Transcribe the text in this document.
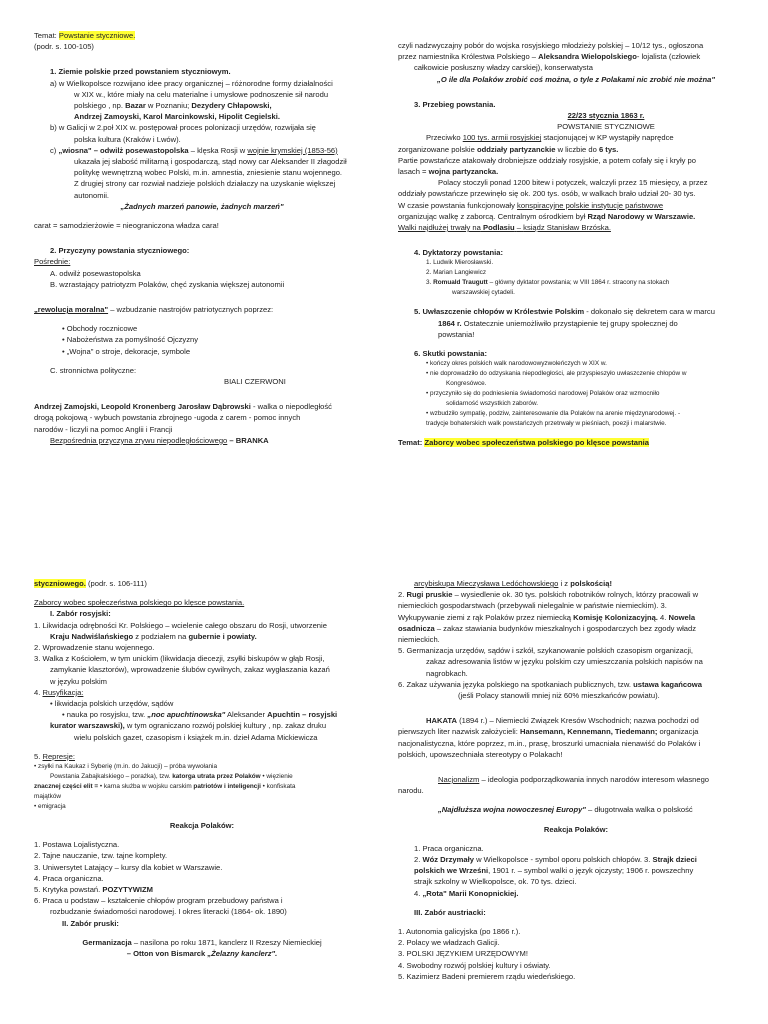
Temat: Powstanie styczniowe.

(podr. s. 100-105)

1. Ziemie polskie przed powstaniem styczniowym.

a) w Wielkopolsce rozwijano idee pracy organicznej – różnorodne formy działalności

w XIX w., które miały na celu materialne i umysłowe podnoszenie sił narodu

polskiego , np. Bazar w Poznaniu; Dezydery Chłapowski,

Andrzej Zamoyski, Karol Marcinkowski, Hipolit Cegielski.

b) w Galicji w 2.poł XIX w. postępował proces polonizacji urzędów, rozwijała się

polska kultura (Kraków i Lwów).

c) „wiosna" – odwilż posewastopolska – klęska Rosji w wojnie krymskiej (1853-56)

ukazała jej słabość militarną i gospodarczą, stąd nowy car Aleksander II złagodził

politykę wewnętrzną wobec Polski, m.in. amnestia, zniesienie stanu wojennego.

Z drugiej strony car rozwiał nadzieje polskich działaczy na uzyskanie większej

autonomii.

„Żadnych marzeń panowie, żadnych marzeń"

carat = samodzierżowie = nieograniczona władza cara!

2. Przyczyny powstania styczniowego:

Pośrednie:

A. odwilż posewastopolska

B. wzrastający patriotyzm Polaków, chęć zyskania większej autonomii

„rewolucja moralna" – wzbudzanie nastrojów patriotycznych poprzez:

• Obchody rocznicowe

• Nabożeństwa za pomyślność Ojczyzny

• „Wojna" o stroje, dekoracje, symbole

C. stronnictwa polityczne:

BIALI CZERWONI

Andrzej Zamojski, Leopold Kronenberg Jarosław Dąbrowski - walka o niepodległość

drogą pokojową - wybuch powstania zbrojnego -ugoda z carem - pomoc innych

narodów - liczyli na pomoc Anglii i Francji

Bezpośrednia przyczyna zrywu niepodległościowego – BRANKA

czyli nadzwyczajny pobór do wojska rosyjskiego młodzieży polskiej – 10/12 tys., ogłoszona

przez namiestnika Królestwa Polskiego – Aleksandra Wielopolskiego- lojalista (człowiek

całkowicie posłuszny władzy carskiej), konserwatysta

„O ile dla Polaków zrobić coś można, o tyle z Polakami nic zrobić nie można"

3. Przebieg powstania.

22/23 stycznia 1863 r.

POWSTANIE STYCZNIOWE

Przeciwko 100 tys. armii rosyjskiej stacjonującej w KP wystąpiły naprędce

zorganizowane polskie oddziały partyzanckie w liczbie do 6 tys.

Partie powstańcze atakowały drobniejsze oddziały rosyjskie, a potem cofały się i kryły po

lasach = wojna partyzancka.

Polacy stoczyli ponad 1200 bitew i potyczek, walczyli przez 15 miesięcy, a przez

oddziały powstańcze przewinęło się ok. 200 tys. osób, w walkach brało udział 20- 30 tys.

W czasie powstania funkcjonowały konspiracyjne polskie instytucje państwowe

organizując walkę z zaborcą. Centralnym ośrodkiem był Rząd Narodowy w Warszawie.

Walki najdłużej trwały na Podlasiu – ksiądz Stanisław Brzóska.

4. Dyktatorzy powstania:

1. Ludwik Mierosławski.

2. Marian Langiewicz

3. Romuald Traugutt – główny dyktator powstania; w VIII 1864 r. stracony na stokach

warszawskiej cytadeli.

5. Uwłaszczenie chłopów w Królestwie Polskim - dokonało się dekretem cara w marcu

1864 r. Ostatecznie uniemożliwiło przystąpienie tej grupy społecznej do

powstania!

6. Skutki powstania:

• kończy okres polskich walk narodowowyzwoleńczych w XIX w.

• nie doprowadziło do odzyskania niepodległości, ale przyspieszyło uwłaszczenie chłopów w

Kongresówce.

• przyczyniło się do podniesienia świadomości narodowej Polaków oraz wzmocniło

solidarność wszystkich zaborów.

• wzbudziło sympatię, podziw, zainteresowanie dla Polaków na arenie międzynarodowej. -

tradycje bohaterskich walk powstańczych przetrwały w pieśniach, poezji i malarstwie.

Temat: Zaborcy wobec społeczeństwa polskiego po klęsce powstania

styczniowego. (podr. s. 106-111)

Zaborcy wobec społeczeństwa polskiego po klęsce powstania.

I. Zabór rosyjski:

1. Likwidacja odrębności Kr. Polskiego – wcielenie całego obszaru do Rosji, utworzenie

Kraju Nadwiślańskiego z podziałem na gubernie i powiaty.

2. Wprowadzenie stanu wojennego.

3. Walka z Kościołem, w tym unickim (likwidacja diecezji, zsyłki biskupów w głąb Rosji,

zamykanie klasztorów), wprowadzenie ślubów cywilnych, zakaz wygłaszania kazań

w języku polskim

4. Rusyfikacja:

• likwidacja polskich urzędów, sądów

• nauka po rosyjsku, tzw. „noc apuchtinowska" Aleksander Apuchtin – rosyjski

kurator warszawski), w tym ograniczano rozwój polskiej kultury , np. zakaz druku

wielu polskich gazet, czasopism i książek m.in. dzieł Adama Mickiewicza

5. Represje:

• zsyłki na Kaukaz i Syberię (m.in. do Jakucji) – próba wywołania

Powstania Zabajkalskiego – porażka), tzw. katorga utrata przez Polaków • więzienie

znacznej części elit = • karna służba w wojsku carskim patriotów i inteligencji • konfiskata

majątków

• emigracja

Reakcja Polaków:

1. Postawa Lojalistyczna.

2. Tajne nauczanie, tzw. tajne komplety.

3. Uniwersytet Latający – kursy dla kobiet w Warszawie.

4. Praca organiczna.

5. Krytyka powstań. POZYTYWIZM

6. Praca u podstaw – kształcenie chłopów program przebudowy państwa i

rozbudzanie świadomości narodowej. I okres literacki (1864- ok. 1890)

II. Zabór pruski:

Germanizacja – nasilona po roku 1871, kanclerz II Rzeszy Niemieckiej

– Otton von Bismarck „Żelazny kanclerz".

arcybiskupa Mieczysława Ledóchowskiego i z polskością!

2. Rugi pruskie – wysiedlenie ok. 30 tys. polskich robotników rolnych, którzy pracowali w

niemieckich gospodarstwach (przebywali nielegalnie w państwie niemieckim). 3.

Wykupywanie ziemi z rąk Polaków przez niemiecką Komisję Kolonizacyjną. 4. Nowela

osadnicza – zakaz stawiania budynków mieszkalnych i gospodarczych bez zgody władz

niemieckich.

5. Germanizacja urzędów, sądów i szkół, szykanowanie polskich czasopism organizacji,

zakaz adresowania listów w języku polskim czy umieszczania polskich napisów na

nagrobkach.

6. Zakaz używania języka polskiego na spotkaniach publicznych, tzw. ustawa kagańcowa

(jeśli Polacy stanowili mniej niż 60% mieszkańców powiatu).

HAKATA (1894 r.) – Niemiecki Związek Kresów Wschodnich; nazwa pochodzi od

pierwszych liter nazwisk założycieli: Hansemann, Kennemann, Tiedemann; organizacja

nacjonalistyczna, które poprzez, m.in., prasę, broszurki umacniała nienawiść do Polaków i

polskich, upowszechniała stereotypy o Polakach!

Nacjonalizm – ideologia podporządkowania innych narodów interesom własnego

narodu.

„Najdłuższa wojna nowoczesnej Europy" – długotrwała walka o polskość

Reakcja Polaków:

1. Praca organiczna.

2. Wóz Drzymały w Wielkopolsce - symbol oporu polskich chłopów. 3. Strajk dzieci

polskich we Wrześni, 1901 r. – symbol walki o język ojczysty; 1906 r. powszechny

strajk szkolny w Wielkopolsce, ok. 70 tys. dzieci.

4. „Rota" Marii Konopnickiej.

III. Zabór austriacki:

1. Autonomia galicyjska (po 1866 r.).

2. Polacy we władzach Galicji.

3. POLSKI JĘZYKIEM URZĘDOWYM!

4. Swobodny rozwój polskiej kultury i oświaty.

5. Kazimierz Badeni premierem rządu wiedeńskiego.
